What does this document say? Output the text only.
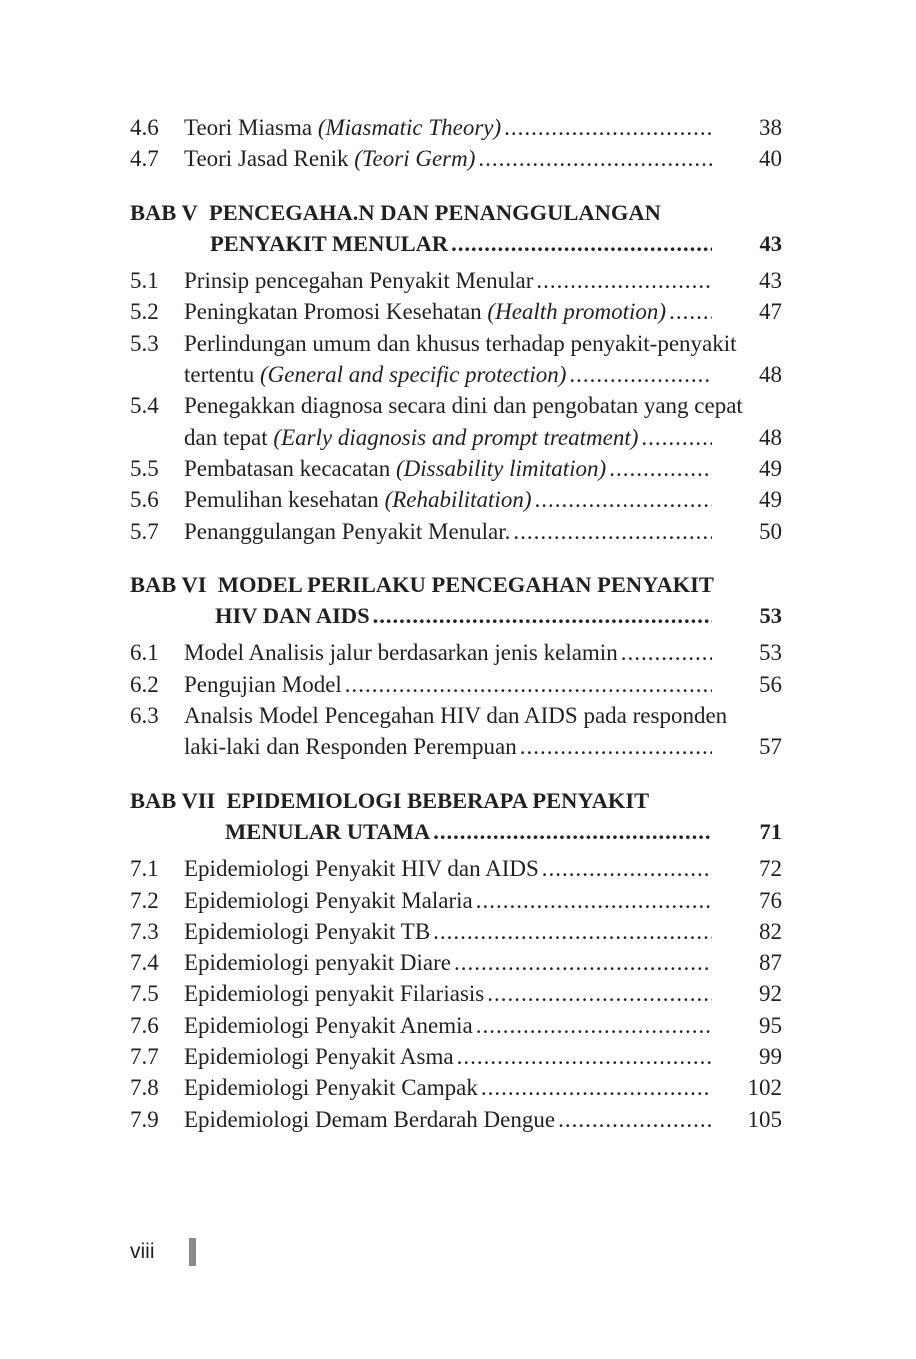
4.6	Teori Miasma (Miasmatic Theory) .....	38
4.7	Teori Jasad Renik (Teori Germ) .....	40
BAB V
PENCEGAHA.N DAN PENANGGULANGAN
PENYAKIT MENULAR .....	43
5.1	Prinsip pencegahan Penyakit Menular .....	43
5.2	Peningkatan Promosi Kesehatan (Health promotion) .....	47
5.3	Perlindungan umum dan khusus terhadap penyakit-penyakit
tertentu (General and specific protection) .....	48
5.4	Penegakkan diagnosa secara dini dan pengobatan yang cepat
dan tepat (Early diagnosis and prompt treatment) .....	48
5.5	Pembatasan kecacatan (Dissability limitation) .....	49
5.6	Pemulihan kesehatan (Rehabilitation) .....	49
5.7	Penanggulangan Penyakit Menular. .....	50
BAB VI
MODEL PERILAKU PENCEGAHAN PENYAKIT
HIV DAN AIDS .....	53
6.1	Model Analisis jalur berdasarkan jenis kelamin .....	53
6.2	Pengujian Model .....	56
6.3	Analsis Model Pencegahan HIV dan AIDS pada responden
laki-laki dan Responden Perempuan .....	57
BAB VII
EPIDEMIOLOGI BEBERAPA PENYAKIT
MENULAR UTAMA .....	71
7.1	Epidemiologi Penyakit HIV dan AIDS .....	72
7.2	Epidemiologi Penyakit Malaria .....	76
7.3	Epidemiologi Penyakit TB .....	82
7.4	Epidemiologi penyakit Diare .....	87
7.5	Epidemiologi penyakit Filariasis .....	92
7.6	Epidemiologi Penyakit Anemia .....	95
7.7	Epidemiologi Penyakit Asma .....	99
7.8	Epidemiologi Penyakit Campak .....	102
7.9	Epidemiologi Demam Berdarah Dengue .....	105
viii
